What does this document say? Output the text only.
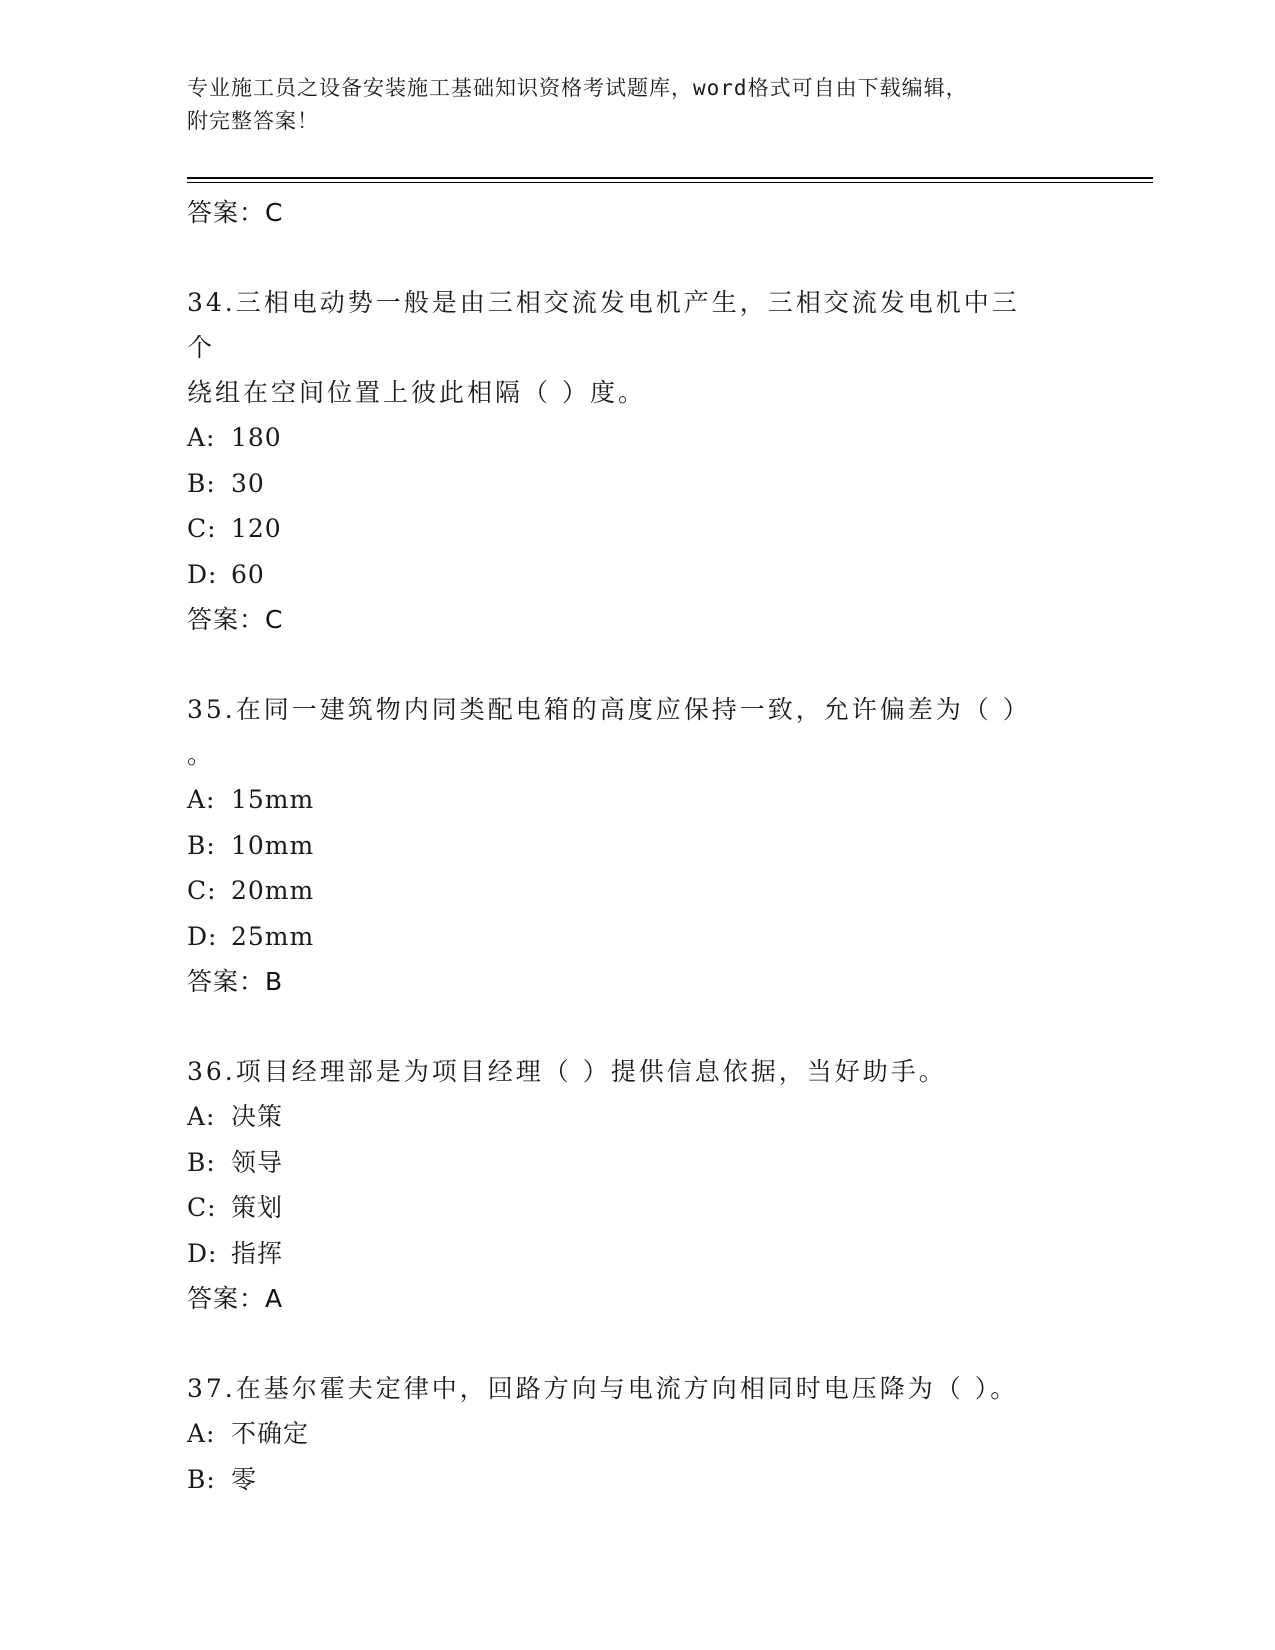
专业施工员之设备安装施工基础知识资格考试题库，word格式可自由下载编辑，
附完整答案！
答案：C
34.三相电动势一般是由三相交流发电机产生，三相交流发电机中三个
绕组在空间位置上彼此相隔（ ）度。
A: 180
B: 30
C: 120
D: 60
答案：C
35.在同一建筑物内同类配电箱的高度应保持一致，允许偏差为（ ）
。
A: 15mm
B: 10mm
C: 20mm
D: 25mm
答案：B
36.项目经理部是为项目经理（ ）提供信息依据，当好助手。
A: 决策
B: 领导
C: 策划
D: 指挥
答案：A
37.在基尔霍夫定律中，回路方向与电流方向相同时电压降为（ ）。
A: 不确定
B: 零
